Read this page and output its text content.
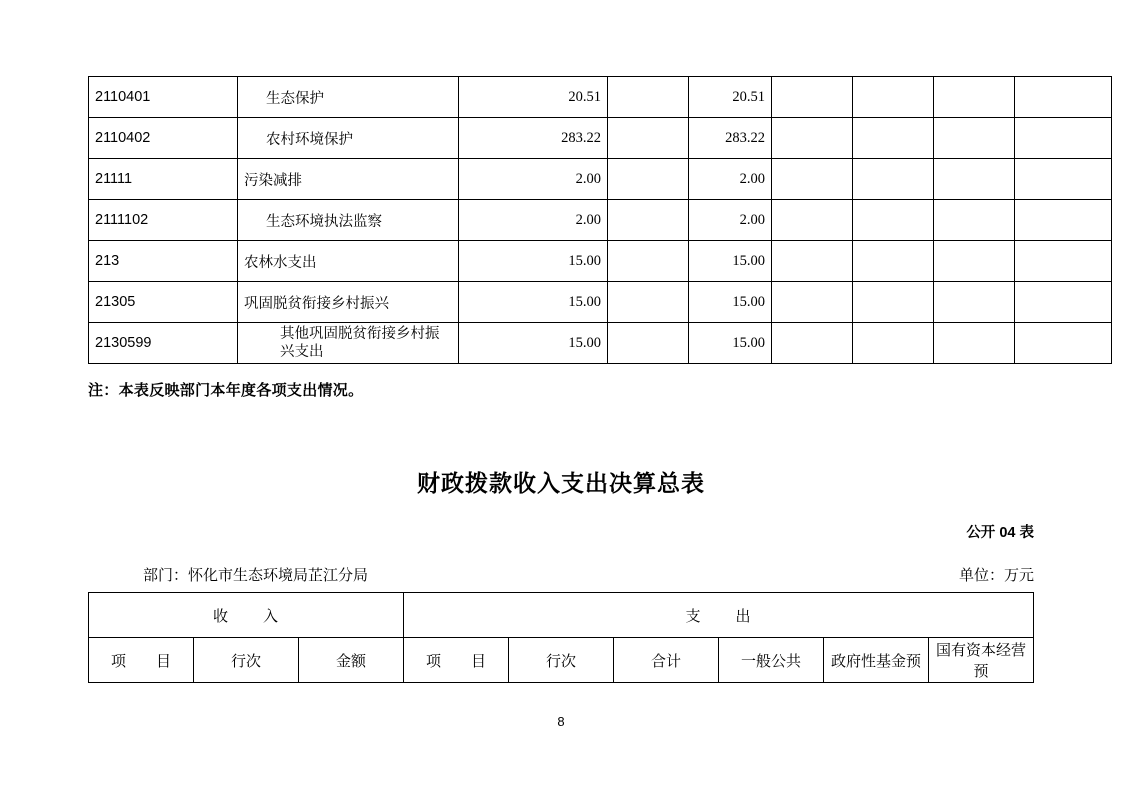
2110401	生态保护	20.51		20.51				
2110402	农村环境保护	283.22		283.22				
21111	污染减排	2.00		2.00				
2111102	生态环境执法监察	2.00		2.00				
213	农林水支出	15.00		15.00				
21305	巩固脱贫衔接乡村振兴	15.00		15.00				
2130599	其他巩固脱贫衔接乡村振兴支出	15.00		15.00				
注：本表反映部门本年度各项支出情况。
财政拨款收入支出决算总表
公开 04 表
部门：怀化市生态环境局芷江分局	单位：万元
收　入			支　出					
项　　目	行次	金额	项　　目	行次	合计	一般公共	政府性基金预	国有资本经营预
8
